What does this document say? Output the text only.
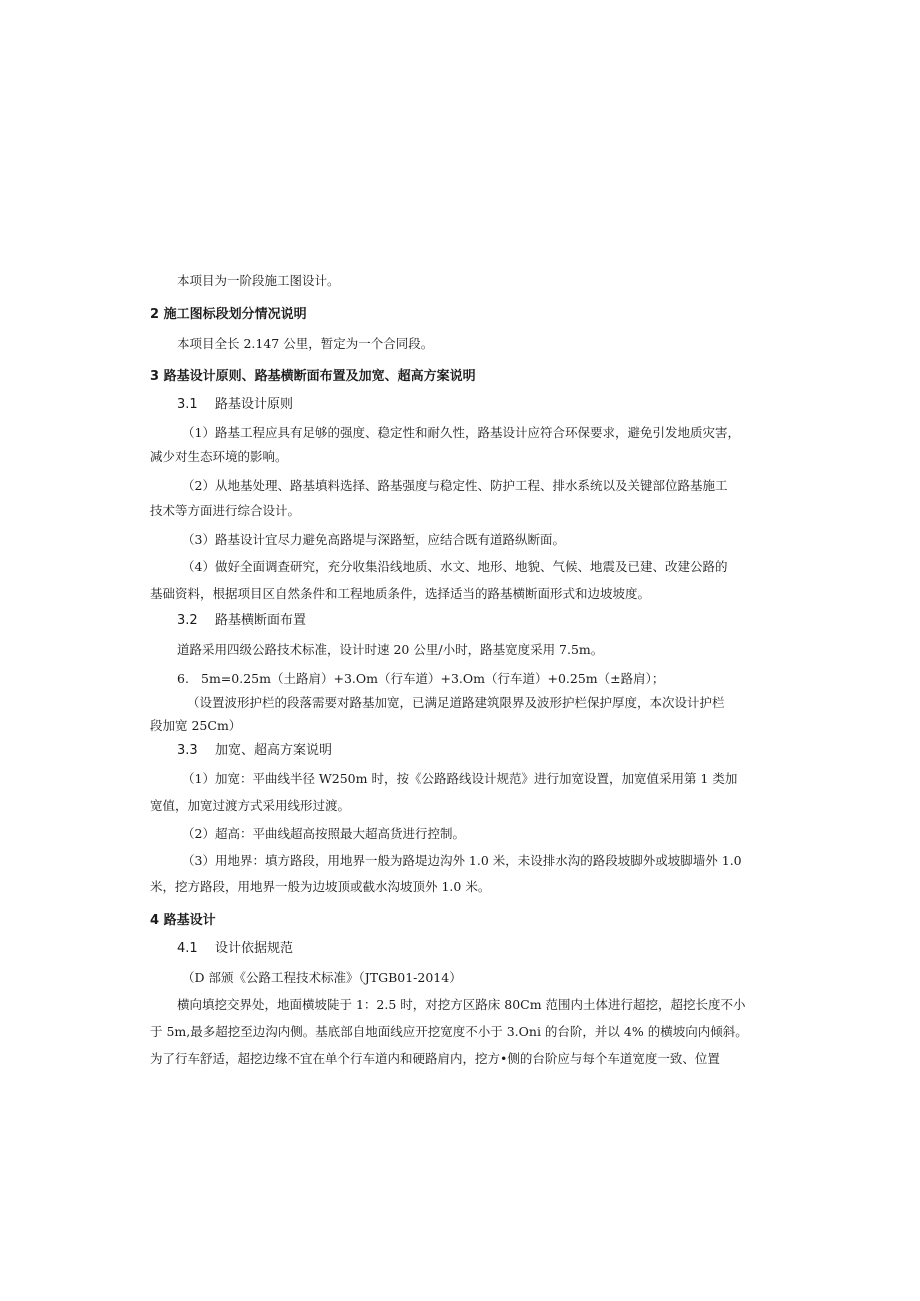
本项目为一阶段施工图设计。
2 施工图标段划分情况说明
本项目全长 2.147 公里，暂定为一个合同段。
3 路基设计原则、路基横断面布置及加宽、超高方案说明
3.1 路基设计原则
（1）路基工程应具有足够的强度、稳定性和耐久性，路基设计应符合环保要求，避免引发地质灾害，
减少对生态环境的影响。
（2）从地基处理、路基填料选择、路基强度与稳定性、防护工程、排水系统以及关键部位路基施工
技术等方面进行综合设计。
（3）路基设计宜尽力避免高路堤与深路堑，应结合既有道路纵断面。
（4）做好全面调查研究，充分收集沿线地质、水文、地形、地貌、气候、地震及已建、改建公路的
基础资料，根据项目区自然条件和工程地质条件，选择适当的路基横断面形式和边坡坡度。
3.2 路基横断面布置
道路采用四级公路技术标准，设计时速 20 公里/小时，路基宽度采用 7.5m。
6. 5m=0.25m（土路肩）+3.Om（行车道）+3.Om（行车道）+0.25m（±路肩）；
（设置波形护栏的段落需要对路基加宽，已满足道路建筑限界及波形护栏保护厚度，本次设计护栏
段加宽 25Cm）
3.3 加宽、超高方案说明
（1）加宽：平曲线半径 W250m 时，按《公路路线设计规范》进行加宽设置，加宽值采用第 1 类加
宽值，加宽过渡方式采用线形过渡。
（2）超高：平曲线超高按照最大超高货进行控制。
（3）用地界：填方路段，用地界一般为路堤边沟外 1.0 米，未设排水沟的路段坡脚外或坡脚墙外 1.0
米，挖方路段，用地界一般为边坡顶或截水沟坡顶外 1.0 米。
4 路基设计
4.1 设计依据规范
（D 部颁《公路工程技术标准》（JTGB01-2014）
横向填挖交界处，地面横坡陡于 1：2.5 时，对挖方区路床 80Cm 范围内土体进行超挖，超挖长度不小
于 5m,最多超挖至边沟内侧。基底部自地面线应开挖宽度不小于 3.Oni 的台阶，并以 4% 的横坡向内倾斜。
为了行车舒适，超挖边缘不宜在单个行车道内和硬路肩内，挖方•侧的台阶应与每个车道宽度一致、位置
